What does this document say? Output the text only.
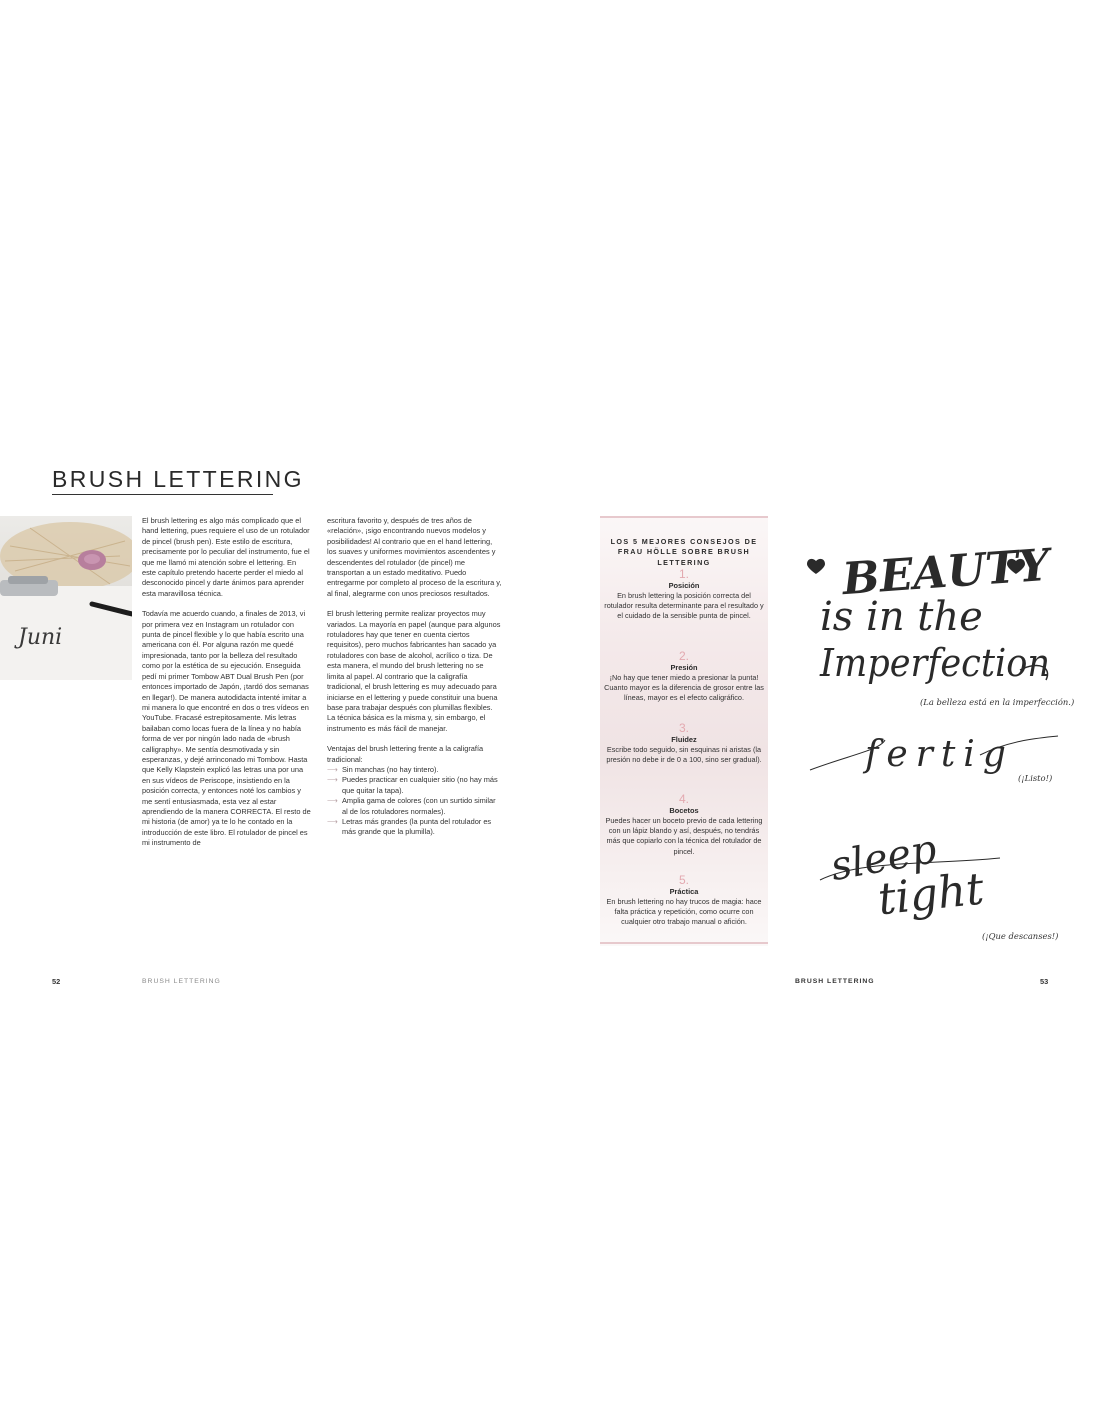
BRUSH LETTERING
Juni

El brush lettering es algo más complicado que el hand lettering, pues requiere el uso de un rotulador de pincel (brush pen). Este estilo de escritura, precisamente por lo peculiar del instrumento, fue el que me llamó mi atención sobre el lettering. En este capítulo pretendo hacerte perder el miedo al desconocido pincel y darte ánimos para aprender esta maravillosa técnica.

Todavía me acuerdo cuando, a finales de 2013, vi por primera vez en Instagram un rotulador con punta de pincel flexible y lo que había escrito una americana con él. Por alguna razón me quedé impresionada, tanto por la belleza del resultado como por la estética de su ejecución. Enseguida pedí mi primer Tombow ABT Dual Brush Pen (por entonces importado de Japón, ¡tardó dos semanas en llegar!). De manera autodidacta intenté imitar a mi manera lo que encontré en dos o tres vídeos en YouTube. Fracasé estrepitosamente. Mis letras bailaban como locas fuera de la línea y no había forma de ver por ningún lado nada de «brush calligraphy». Me sentía desmotivada y sin esperanzas, y dejé arrinconado mi Tombow. Hasta que Kelly Klapstein explicó las letras una por una en sus vídeos de Periscope, insistiendo en la posición correcta, y entonces noté los cambios y me sentí entusiasmada, esta vez al estar aprendiendo de la manera CORRECTA. El resto de mi historia (de amor) ya te lo he contado en la introducción de este libro. El rotulador de pincel es mi instrumento de

escritura favorito y, después de tres años de «relación», ¡sigo encontrando nuevos modelos y posibilidades! Al contrario que en el hand lettering, los suaves y uniformes movimientos ascendentes y descendentes del rotulador (de pincel) me transportan a un estado meditativo. Puedo entregarme por completo al proceso de la escritura y, al final, alegrarme con unos preciosos resultados.

El brush lettering permite realizar proyectos muy variados. La mayoría en papel (aunque para algunos rotuladores hay que tener en cuenta ciertos requisitos), pero muchos fabricantes han sacado ya rotuladores con base de alcohol, acrílico o tiza. De esta manera, el mundo del brush lettering no se limita al papel. Al contrario que la caligrafía tradicional, el brush lettering es muy adecuado para iniciarse en el lettering y puede constituir una buena base para trabajar después con plumillas flexibles. La técnica básica es la misma y, sin embargo, el instrumento es más fácil de manejar.

Ventajas del brush lettering frente a la caligrafía tradicional:
⟶ Sin manchas (no hay tintero).
⟶ Puedes practicar en cualquier sitio (no hay más que quitar la tapa).
⟶ Amplia gama de colores (con un surtido similar al de los rotuladores normales).
⟶ Letras más grandes (la punta del rotulador es más grande que la plumilla).
52	BRUSH LETTERING
LOS 5 MEJORES CONSEJOS DE FRAU HÖLLE SOBRE BRUSH LETTERING
1.
Posición
En brush lettering la posición correcta del rotulador resulta determinante para el resultado y el cuidado de la sensible punta de pincel.
2.
Presión
¡No hay que tener miedo a presionar la punta! Cuanto mayor es la diferencia de grosor entre las líneas, mayor es el efecto caligráfico.
3.
Fluidez
Escribe todo seguido, sin esquinas ni aristas (la presión no debe ir de 0 a 100, sino ser gradual).
4.
Bocetos
Puedes hacer un boceto previo de cada lettering con un lápiz blando y así, después, no tendrás más que copiarlo con la técnica del rotulador de pincel.
5.
Práctica
En brush lettering no hay trucos de magia: hace falta práctica y repetición, como ocurre con cualquier otro trabajo manual o afición.
BEAUTY
is in the
Imperfection
fertig
sleep
tight
(La belleza está en la imperfección.)
(¡Listo!)
(¡Que descanses!)
BRUSH LETTERING	53
